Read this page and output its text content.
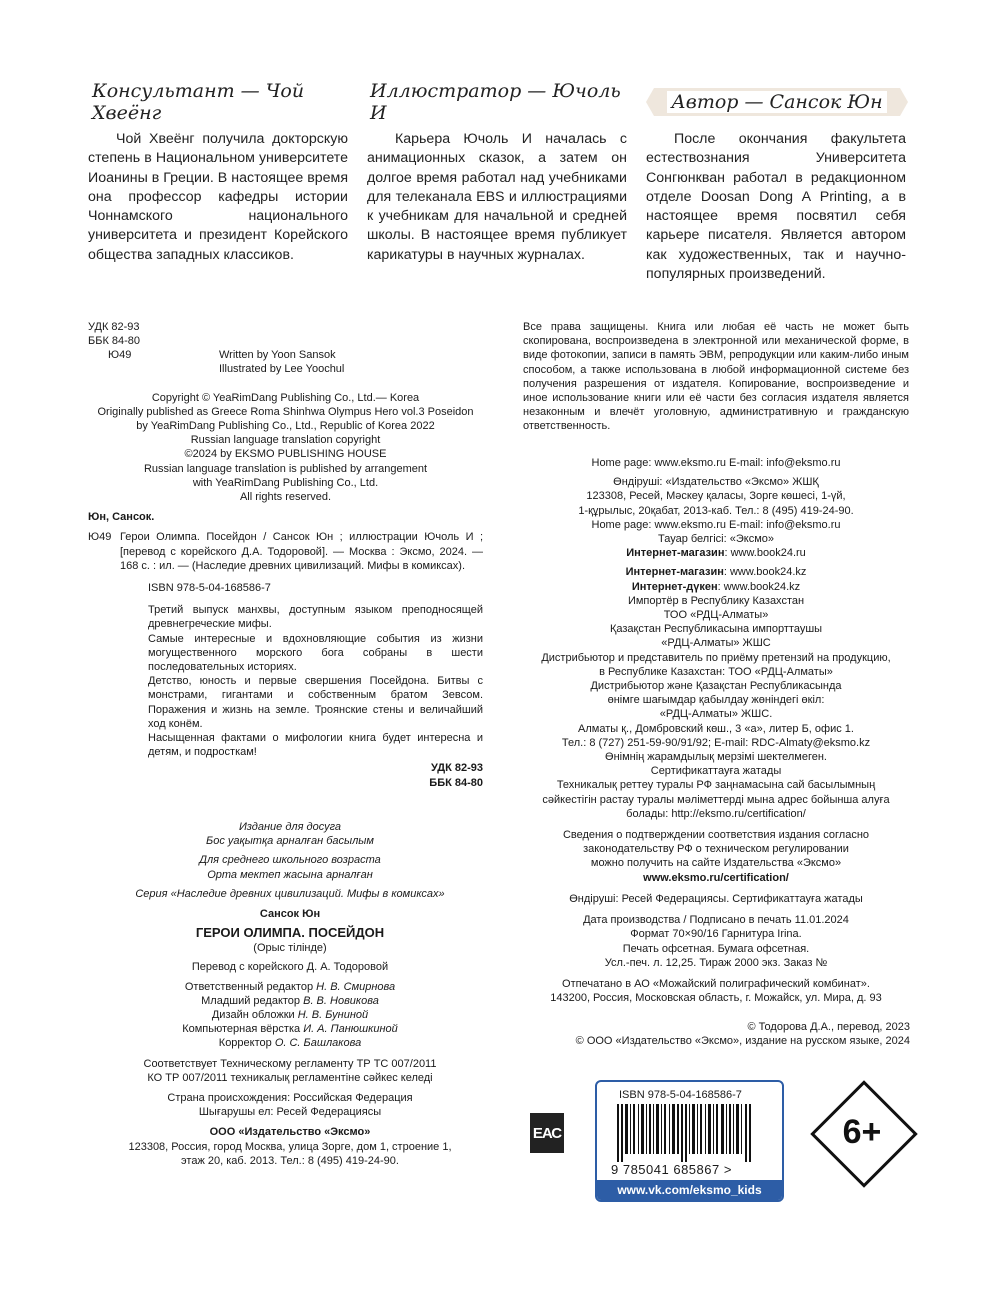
Консультант — Чой Хвеёнг
Иллюстратор — Ючоль И	Автор — Сансок Юн
Чой Хвеёнг получила докторскую степень в Национальном университете Иоанины в Греции. В настоящее время она профессор кафедры истории Чоннамского национального университета и президент Корейского общества западных классиков.
Карьера Ючоль И началась с анимационных сказок, а затем он долгое время работал над учебниками для телеканала EBS и иллюстрациями к учебникам для начальной и средней школы. В настоящее время публикует карикатуры в научных журналах.
После окончания факультета естествознания Университета Сонгюнкван работал в редакционном отделе Doosan Dong A Printing, а в настоящее время посвятил себя карьере писателя. Является автором как художественных, так и научно-популярных произведений.
УДК 82-93
ББК 84-80
Ю49	Written by Yoon Sansok
Illustrated by Lee Yoochul
Copyright © YeaRimDang Publishing Co., Ltd.— Korea
Originally published as Greece Roma Shinhwa Olympus Hero vol.3 Poseidon
by YeaRimDang Publishing Co., Ltd., Republic of Korea 2022
Russian language translation copyright
©2024 by EKSMO PUBLISHING HOUSE
Russian language translation is published by arrangement
with YeaRimDang Publishing Co., Ltd.
All rights reserved.
Юн, Сансок.
Ю49 Герои Олимпа. Посейдон / Сансок Юн ; иллюстрации Ючоль И ; [перевод с корейского Д.А. Тодоровой]. — Москва : Эксмо, 2024. — 168 с. : ил. — (Наследие древних цивилизаций. Мифы в комиксах).
ISBN 978-5-04-168586-7
Третий выпуск манхвы, доступным языком преподносящей древнегреческие мифы.
Самые интересные и вдохновляющие события из жизни могущественного морского бога собраны в шести последовательных историях.
Детство, юность и первые свершения Посейдона. Битвы с монстрами, гигантами и собственным братом Зевсом. Поражения и жизнь на земле. Троянские стены и величайший ход конём.
Насыщенная фактами о мифологии книга будет интересна и детям, и подросткам!
УДК 82-93
ББК 84-80
Издание для досуга
Бос уақытқа арналған басылым
Для среднего школьного возраста
Орта мектеп жасына арналған
Серия «Наследие древних цивилизаций. Мифы в комиксах»
Сансок Юн
ГЕРОИ ОЛИМПА. ПОСЕЙДОН
(Орыс тілінде)
Перевод с корейского Д. А. Тодоровой
Ответственный редактор Н. В. Смирнова
Младший редактор В. В. Новикова
Дизайн обложки Н. В. Буниной
Компьютерная вёрстка И. А. Панюшкиной
Корректор О. С. Башлакова
Соответствует Техническому регламенту ТР ТС 007/2011
КО ТР 007/2011 техникалық регламентіне сәйкес келеді
Страна происхождения: Российская Федерация
Шығарушы ел: Ресей Федерациясы
ООО «Издательство «Эксмо»
123308, Россия, город Москва, улица Зорге, дом 1, строение 1,
этаж 20, каб. 2013. Тел.: 8 (495) 419-24-90.
Все права защищены. Книга или любая её часть не может быть скопирована, воспроизведена в электронной или механической форме, в виде фотокопии, записи в память ЭВМ, репродукции или каким-либо иным способом, а также использована в любой информационной системе без получения разрешения от издателя. Копирование, воспроизведение и иное использование книги или её части без согласия издателя является незаконным и влечёт уголовную, административную и гражданскую ответственность.
Home page: www.eksmo.ru E-mail: info@eksmo.ru
Өндіруші: «Издательство «Эксмо» ЖШҚ
123308, Ресей, Мәскеу қаласы, Зорге көшесі, 1-үй,
1-құрылыс, 20қабат, 2013-каб. Тел.: 8 (495) 419-24-90.
Home page: www.eksmo.ru E-mail: info@eksmo.ru
Тауар белгісі: «Эксмо»
Интернет-магазин: www.book24.ru
Интернет-магазин: www.book24.kz
Интернет-дүкен: www.book24.kz
Импортёр в Республику Казахстан
ТОО «РДЦ-Алматы»
Қазақстан Республикасына импорттаушы
«РДЦ-Алматы» ЖШС
Дистрибьютор и представитель по приёму претензий на продукцию,
в Республике Казахстан: ТОО «РДЦ-Алматы»
Дистрибьютор және Қазақстан Республикасында
өнімге шағымдар қабылдау жөніндегі өкіл:
«РДЦ-Алматы» ЖШС.
Алматы қ., Домбровский көш., 3 «а», литер Б, офис 1.
Тел.: 8 (727) 251-59-90/91/92; E-mail: RDC-Almaty@eksmo.kz
Өнімнің жарамдылық мерзімі шектелмеген.
Сертификаттауға жатады
Техникалық реттеу туралы РФ заңнамасына сай басылымның
сәйкестігін растау туралы мәліметтерді мына адрес бойынша алуға
болады: http://eksmo.ru/certification/
Сведения о подтверждении соответствия издания согласно
законодательству РФ о техническом регулировании
можно получить на сайте Издательства «Эксмо»
www.eksmo.ru/certification/
Өндіруші: Ресей Федерациясы. Сертификаттауға жатады
Дата производства / Подписано в печать 11.01.2024
Формат 70×90/16 Гарнитура Irina.
Печать офсетная. Бумага офсетная.
Усл.-печ. л. 12,25. Тираж 2000 экз. Заказ №
Отпечатано в АО «Можайский полиграфический комбинат».
143200, Россия, Московская область, г. Можайск, ул. Мира, д. 93
© Тодорова Д.А., перевод, 2023
© ООО «Издательство «Эксмо», издание на русском языке, 2024
ЕАС
ISBN 978-5-04-168586-7
9 785041 685867 >
www.vk.com/eksmo_kids
6+
